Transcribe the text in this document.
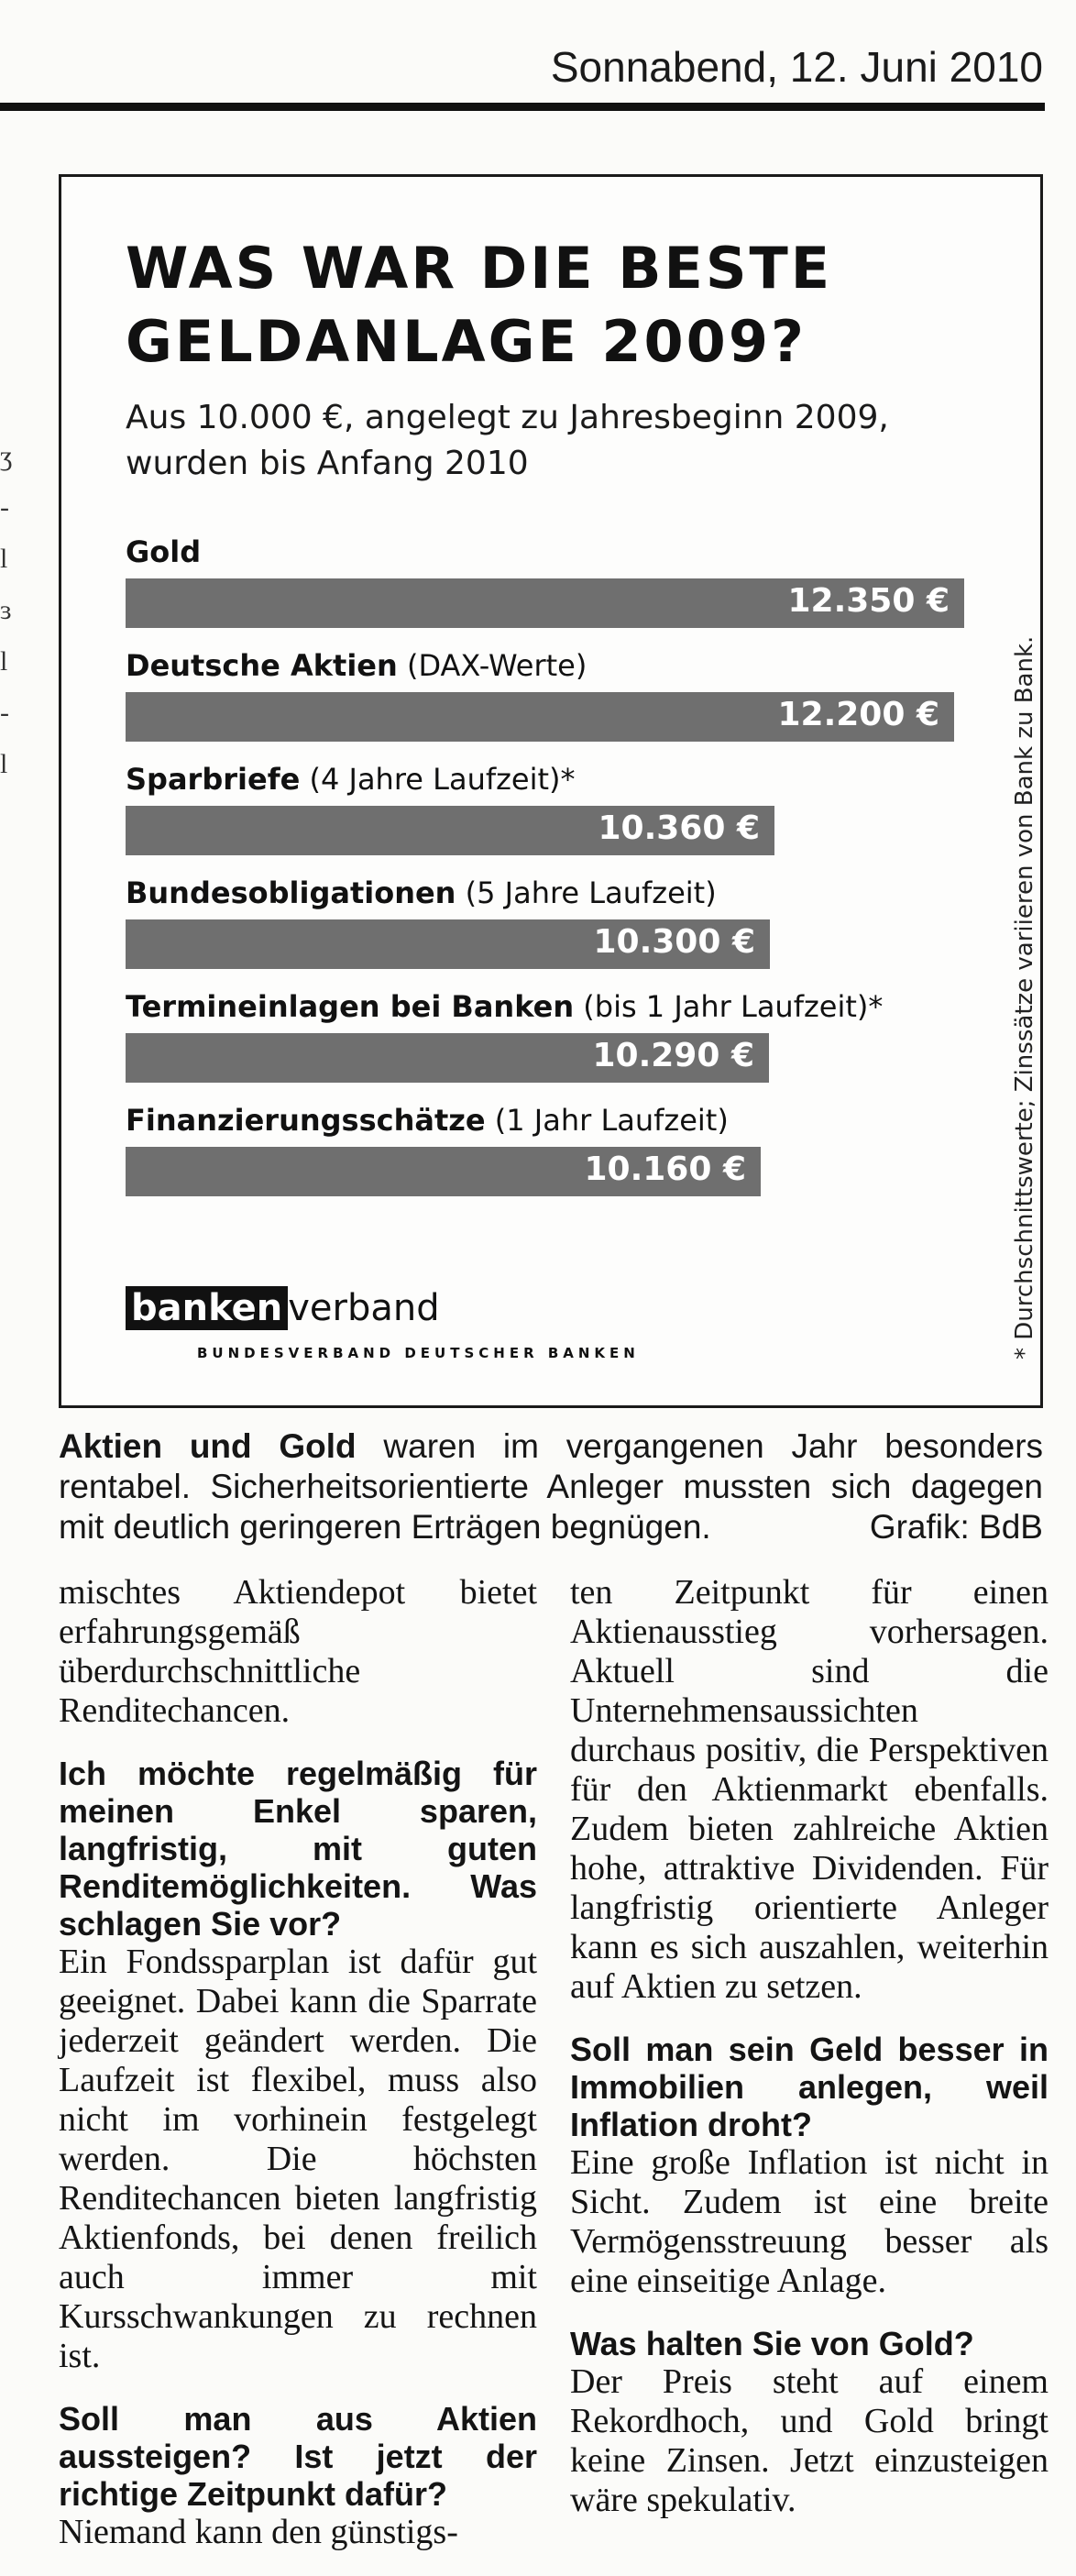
Sonnabend, 12. Juni 2010
ʒ
-
l
ɜ
l
-
l
WAS WAR DIE BESTE GELDANLAGE 2009?
Aus 10.000 €, angelegt zu Jahresbeginn 2009, wurden bis Anfang 2010
Gold
12.350 €
Deutsche Aktien (DAX-Werte)
12.200 €
Sparbriefe (4 Jahre Laufzeit)*
10.360 €
Bundesobligationen (5 Jahre Laufzeit)
10.300 €
Termineinlagen bei Banken (bis 1 Jahr Laufzeit)*
10.290 €
Finanzierungsschätze (1 Jahr Laufzeit)
10.160 €	* Durchschnittswerte; Zinssätze variieren von Bank zu Bank.
banken verband
BUNDESVERBAND DEUTSCHER BANKEN
Aktien und Gold waren im vergangenen Jahr besonders rentabel. Sicherheitsorientierte Anleger mussten sich dagegen mit deutlich geringeren Erträgen begnügen.	Grafik: BdB

mischtes Aktiendepot bietet erfahrungsgemäß überdurchschnittliche Renditechancen.

Ich möchte regelmäßig für meinen Enkel sparen, langfristig, mit guten Renditemöglichkeiten. Was schlagen Sie vor?

Ein Fondssparplan ist dafür gut geeignet. Dabei kann die Sparrate jederzeit geändert werden. Die Laufzeit ist flexibel, muss also nicht im vorhinein festgelegt werden. Die höchsten Renditechancen bieten langfristig Aktienfonds, bei denen freilich auch immer mit Kursschwankungen zu rechnen ist.

Soll man aus Aktien aussteigen? Ist jetzt der richtige Zeitpunkt dafür?

Niemand kann den günstigs-

ten Zeitpunkt für einen Aktienausstieg vorhersagen. Aktuell sind die Unternehmensaussichten durchaus positiv, die Perspektiven für den Aktienmarkt ebenfalls. Zudem bieten zahlreiche Aktien hohe, attraktive Dividenden. Für langfristig orientierte Anleger kann es sich auszahlen, weiterhin auf Aktien zu setzen.

Soll man sein Geld besser in Immobilien anlegen, weil Inflation droht?

Eine große Inflation ist nicht in Sicht. Zudem ist eine breite Vermögensstreuung besser als eine einseitige Anlage.

Was halten Sie von Gold?

Der Preis steht auf einem Rekordhoch, und Gold bringt keine Zinsen. Jetzt einzusteigen wäre spekulativ.
